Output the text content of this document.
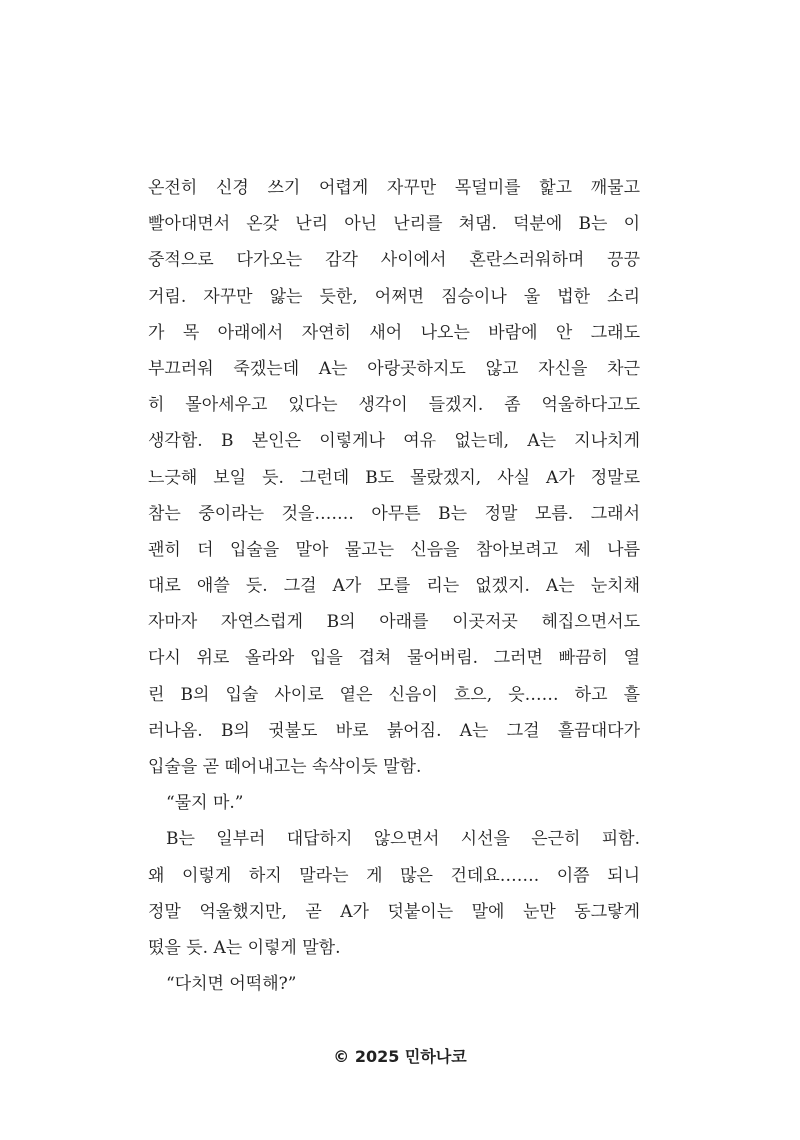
온전히 신경 쓰기 어렵게 자꾸만 목덜미를 핥고 깨물고
빨아대면서 온갖 난리 아닌 난리를 쳐댐. 덕분에 B는 이
중적으로 다가오는 감각 사이에서 혼란스러워하며 끙끙
거림. 자꾸만 앓는 듯한, 어쩌면 짐승이나 울 법한 소리
가 목 아래에서 자연히 새어 나오는 바람에 안 그래도
부끄러워 죽겠는데 A는 아랑곳하지도 않고 자신을 차근
히 몰아세우고 있다는 생각이 들겠지. 좀 억울하다고도
생각함. B 본인은 이렇게나 여유 없는데, A는 지나치게
느긋해 보일 듯. 그런데 B도 몰랐겠지, 사실 A가 정말로
참는 중이라는 것을……. 아무튼 B는 정말 모름. 그래서
괜히 더 입술을 말아 물고는 신음을 참아보려고 제 나름
대로 애쓸 듯. 그걸 A가 모를 리는 없겠지. A는 눈치채
자마자 자연스럽게 B의 아래를 이곳저곳 헤집으면서도
다시 위로 올라와 입을 겹쳐 물어버림. 그러면 빠끔히 열
린 B의 입술 사이로 옅은 신음이 흐으, 읏…… 하고 흘
러나옴. B의 귓불도 바로 붉어짐. A는 그걸 흘끔대다가
입술을 곧 떼어내고는 속삭이듯 말함.
“물지 마.”
B는 일부러 대답하지 않으면서 시선을 은근히 피함.
왜 이렇게 하지 말라는 게 많은 건데요……. 이쯤 되니
정말 억울했지만, 곧 A가 덧붙이는 말에 눈만 동그랗게
떴을 듯. A는 이렇게 말함.
“다치면 어떡해?”
© 2025 민하나코
